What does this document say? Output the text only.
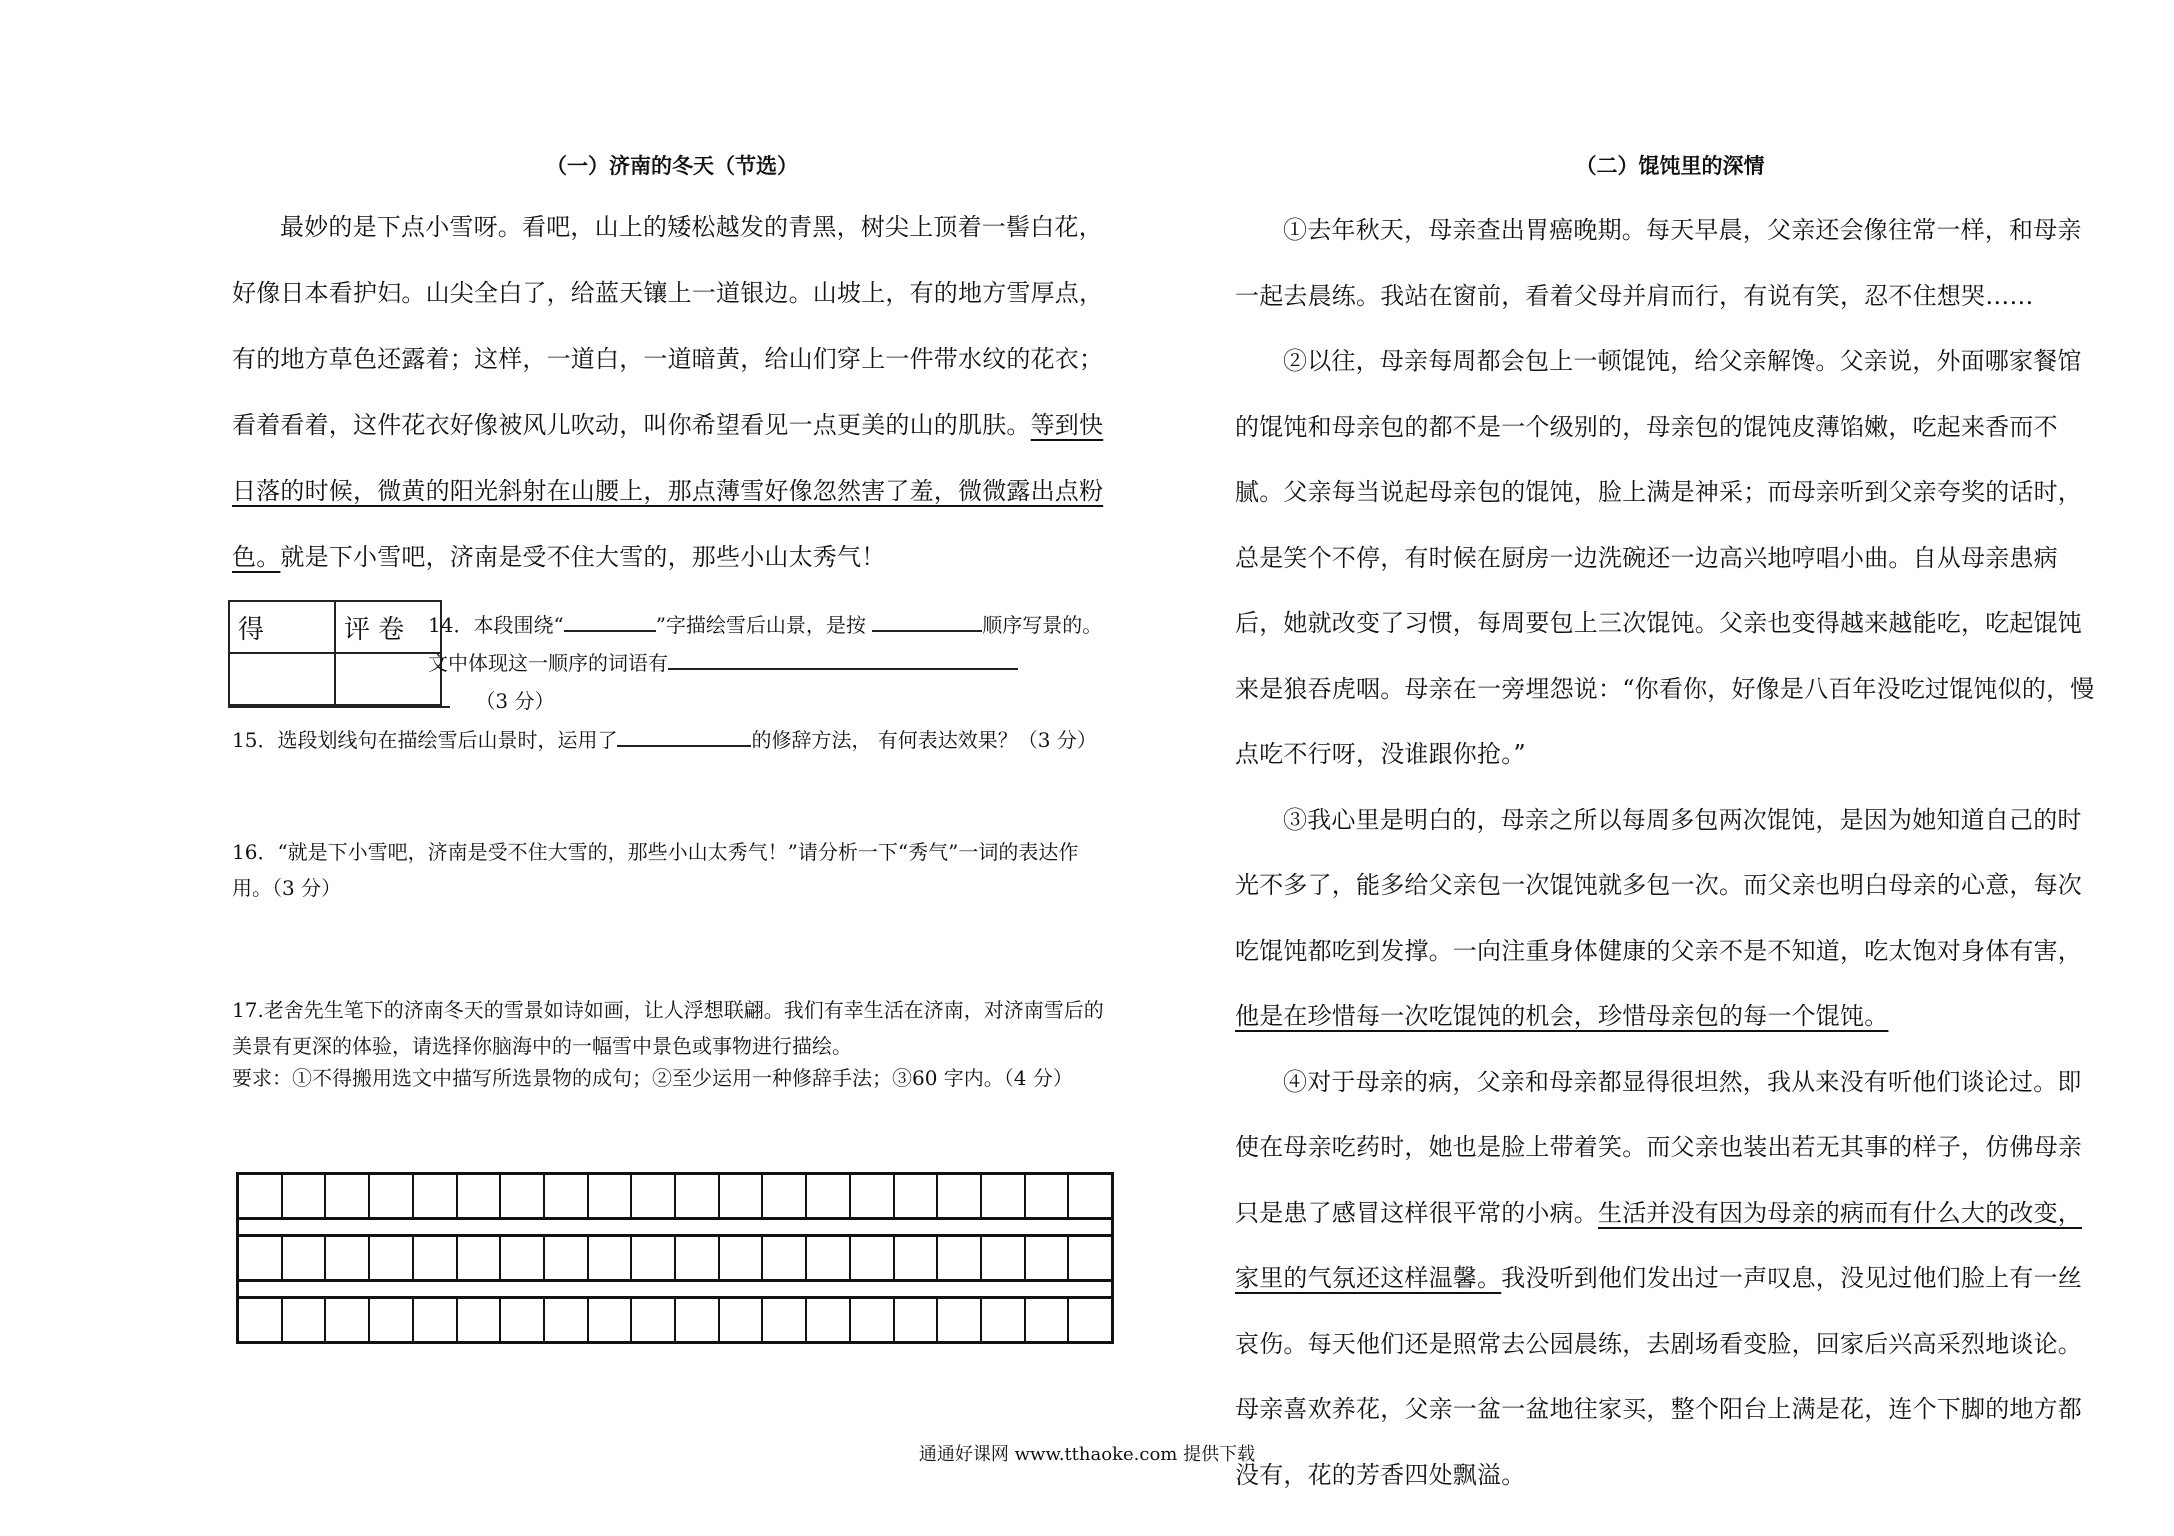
（一）济南的冬天（节选）

最妙的是下点小雪呀。看吧，山上的矮松越发的青黑，树尖上顶着一髻白花，好像日本看护妇。山尖全白了，给蓝天镶上一道银边。山坡上，有的地方雪厚点，有的地方草色还露着；这样，一道白，一道暗黄，给山们穿上一件带水纹的花衣；看着看着，这件花衣好像被风儿吹动，叫你希望看见一点更美的山的肌肤。等到快日落的时候，微黄的阳光斜射在山腰上，那点薄雪好像忽然害了羞，微微露出点粉色。就是下小雪吧，济南是受不住大雪的，那些小山太秀气！

得	评 卷
	14．本段围绕“	”字描绘雪后山景，是按	顺序写景的。文中体现这一顺序的词语有
（3 分）

15．选段划线句在描绘雪后山景时，运用了	的修辞方法， 有何表达效果？（3 分）

16．“就是下小雪吧，济南是受不住大雪的，那些小山太秀气！”请分析一下“秀气”一词的表达作用。（3 分）

17.老舍先生笔下的济南冬天的雪景如诗如画，让人浮想联翩。我们有幸生活在济南，对济南雪后的美景有更深的体验，请选择你脑海中的一幅雪中景色或事物进行描绘。

要求：①不得搬用选文中描写所选景物的成句；②至少运用一种修辞手法；③60 字内。（4 分）

（二）馄饨里的深情

①去年秋天，母亲查出胃癌晚期。每天早晨，父亲还会像往常一样，和母亲一起去晨练。我站在窗前，看着父母并肩而行，有说有笑，忍不住想哭……

②以往，母亲每周都会包上一顿馄饨，给父亲解馋。父亲说，外面哪家餐馆的馄饨和母亲包的都不是一个级别的，母亲包的馄饨皮薄馅嫩，吃起来香而不腻。父亲每当说起母亲包的馄饨，脸上满是神采；而母亲听到父亲夸奖的话时，总是笑个不停，有时候在厨房一边洗碗还一边高兴地哼唱小曲。自从母亲患病后，她就改变了习惯，每周要包上三次馄饨。父亲也变得越来越能吃，吃起馄饨来是狼吞虎咽。母亲在一旁埋怨说：“你看你，好像是八百年没吃过馄饨似的，慢点吃不行呀，没谁跟你抢。”

③我心里是明白的，母亲之所以每周多包两次馄饨，是因为她知道自己的时光不多了，能多给父亲包一次馄饨就多包一次。而父亲也明白母亲的心意，每次吃馄饨都吃到发撑。一向注重身体健康的父亲不是不知道，吃太饱对身体有害，他是在珍惜每一次吃馄饨的机会，珍惜母亲包的每一个馄饨。

④对于母亲的病，父亲和母亲都显得很坦然，我从来没有听他们谈论过。即使在母亲吃药时，她也是脸上带着笑。而父亲也装出若无其事的样子，仿佛母亲只是患了感冒这样很平常的小病。生活并没有因为母亲的病而有什么大的改变，家里的气氛还这样温馨。我没听到他们发出过一声叹息，没见过他们脸上有一丝哀伤。每天他们还是照常去公园晨练，去剧场看变脸，回家后兴高采烈地谈论。母亲喜欢养花，父亲一盆一盆地往家买，整个阳台上满是花，连个下脚的地方都没有，花的芳香四处飘溢。

通通好课网 www.tthaoke.com 提供下载
